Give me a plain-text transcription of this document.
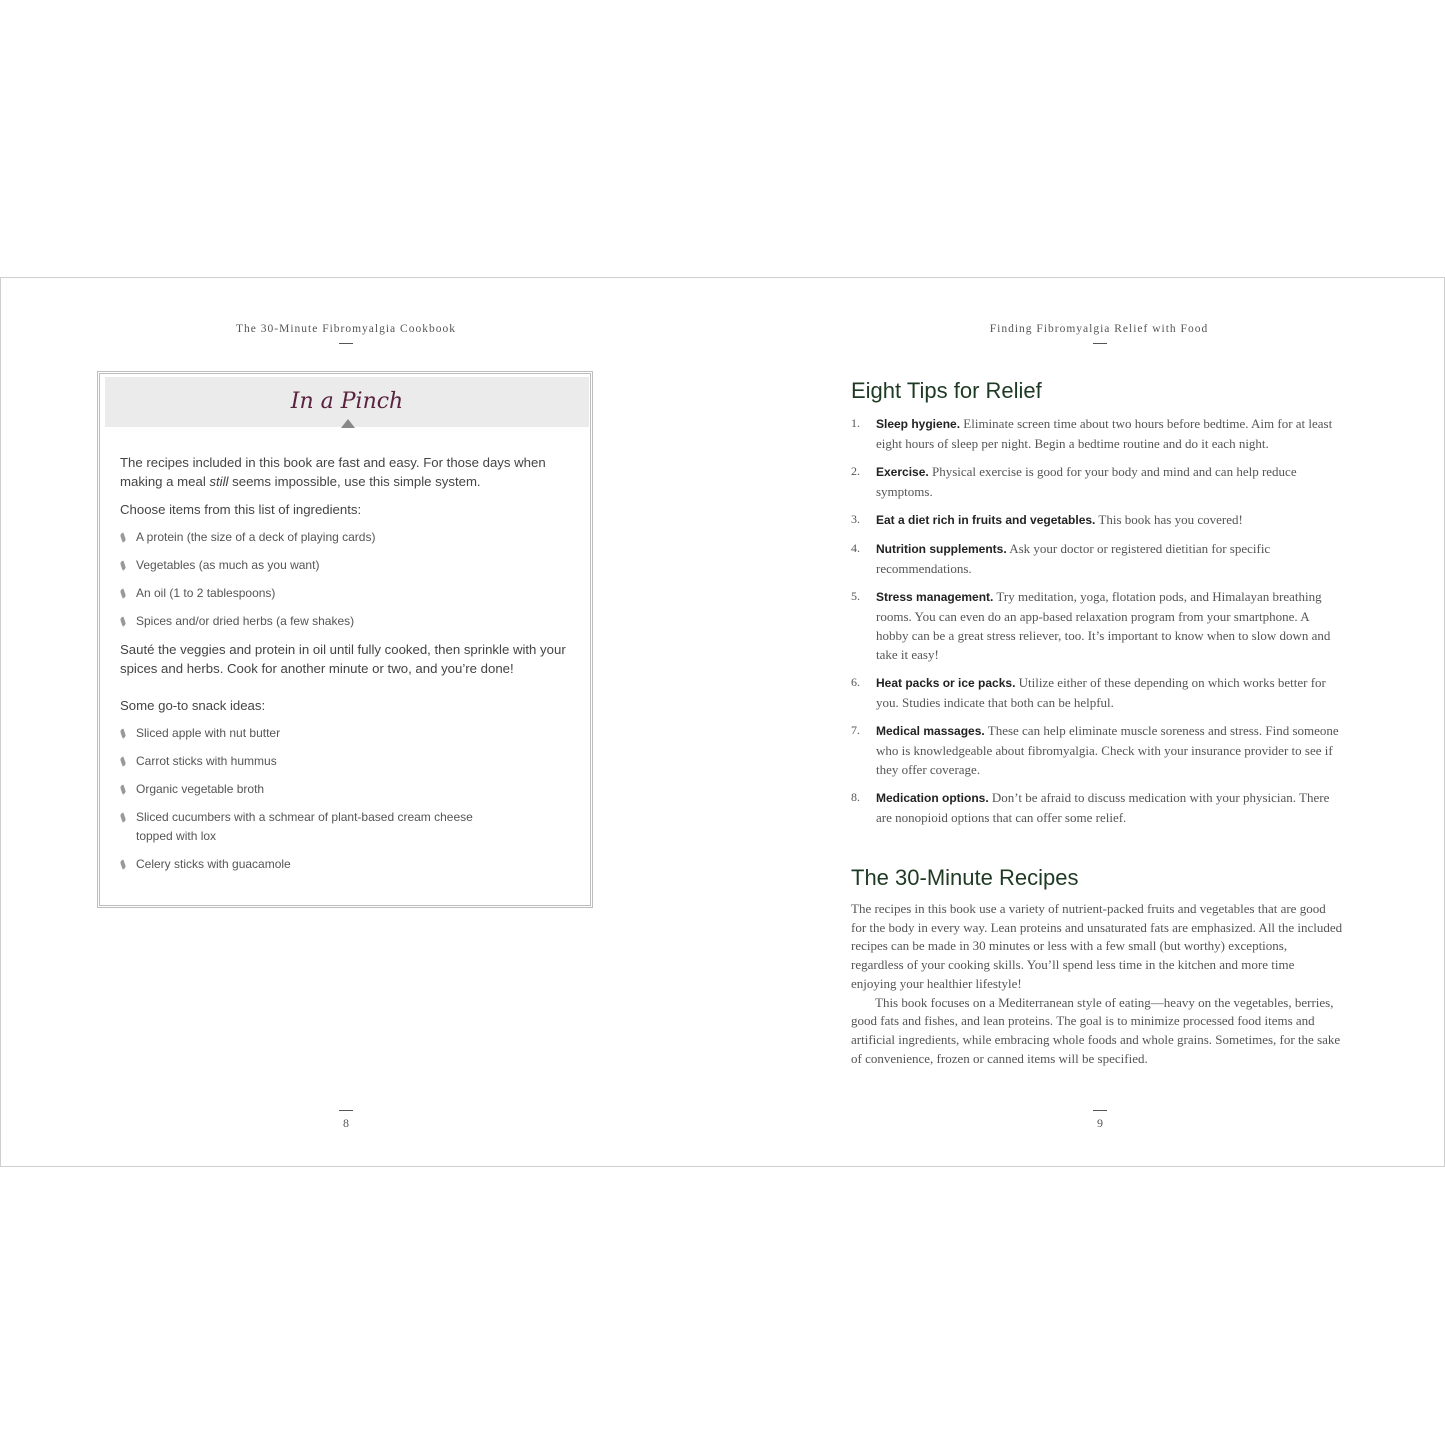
The 30-Minute Fibromyalgia Cookbook
In a Pinch

The recipes included in this book are fast and easy. For those days when making a meal still seems impossible, use this simple system.

Choose items from this list of ingredients:

A protein (the size of a deck of playing cards)
Vegetables (as much as you want)
An oil (1 to 2 tablespoons)
Spices and/or dried herbs (a few shakes)

Sauté the veggies and protein in oil until fully cooked, then sprinkle with your spices and herbs. Cook for another minute or two, and you’re done!

Some go-to snack ideas:

Sliced apple with nut butter
Carrot sticks with hummus
Organic vegetable broth
Sliced cucumbers with a schmear of plant-based cream cheese topped with lox
Celery sticks with guacamole
8
Finding Fibromyalgia Relief with Food
Eight Tips for Relief
1. Sleep hygiene. Eliminate screen time about two hours before bedtime. Aim for at least eight hours of sleep per night. Begin a bedtime routine and do it each night.
2. Exercise. Physical exercise is good for your body and mind and can help reduce symptoms.
3. Eat a diet rich in fruits and vegetables. This book has you covered!
4. Nutrition supplements. Ask your doctor or registered dietitian for specific recommendations.
5. Stress management. Try meditation, yoga, flotation pods, and Himalayan breathing rooms. You can even do an app-based relaxation program from your smartphone. A hobby can be a great stress reliever, too. It’s important to know when to slow down and take it easy!
6. Heat packs or ice packs. Utilize either of these depending on which works better for you. Studies indicate that both can be helpful.
7. Medical massages. These can help eliminate muscle soreness and stress. Find someone who is knowledgeable about fibromyalgia. Check with your insurance provider to see if they offer coverage.
8. Medication options. Don’t be afraid to discuss medication with your physician. There are nonopioid options that can offer some relief.
The 30-Minute Recipes

The recipes in this book use a variety of nutrient-packed fruits and vegetables that are good for the body in every way. Lean proteins and unsaturated fats are emphasized. All the included recipes can be made in 30 minutes or less with a few small (but worthy) exceptions, regardless of your cooking skills. You’ll spend less time in the kitchen and more time enjoying your healthier lifestyle!

This book focuses on a Mediterranean style of eating—heavy on the vegetables, berries, good fats and fishes, and lean proteins. The goal is to minimize processed food items and artificial ingredients, while embracing whole foods and whole grains. Sometimes, for the sake of convenience, frozen or canned items will be specified.

9
